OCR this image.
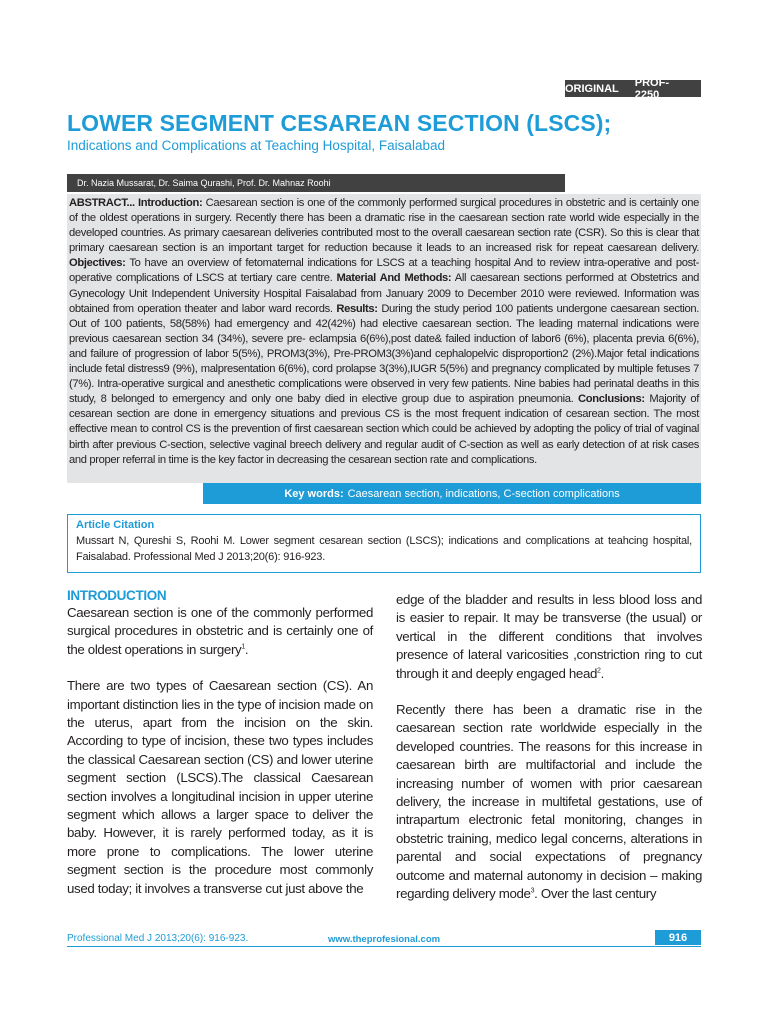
ORIGINAL PROF-2250
LOWER SEGMENT CESAREAN SECTION (LSCS);
Indications and Complications at Teaching Hospital, Faisalabad
Dr. Nazia Mussarat, Dr. Saima Qurashi, Prof. Dr. Mahnaz Roohi
ABSTRACT... Introduction: Caesarean section is one of the commonly performed surgical procedures in obstetric and is certainly one of the oldest operations in surgery. Recently there has been a dramatic rise in the caesarean section rate world wide especially in the developed countries. As primary caesarean deliveries contributed most to the overall caesarean section rate (CSR). So this is clear that primary caesarean section is an important target for reduction because it leads to an increased risk for repeat caesarean delivery. Objectives: To have an overview of fetomaternal indications for LSCS at a teaching hospital And to review intra-operative and post-operative complications of LSCS at tertiary care centre. Material And Methods: All caesarean sections performed at Obstetrics and Gynecology Unit Independent University Hospital Faisalabad from January 2009 to December 2010 were reviewed. Information was obtained from operation theater and labor ward records. Results: During the study period 100 patients undergone caesarean section. Out of 100 patients, 58(58%) had emergency and 42(42%) had elective caesarean section. The leading maternal indications were previous caesarean section 34 (34%), severe pre- eclampsia 6(6%),post date& failed induction of labor6 (6%), placenta previa 6(6%), and failure of progression of labor 5(5%), PROM3(3%), Pre-PROM3(3%)and cephalopelvic disproportion2 (2%).Major fetal indications include fetal distress9 (9%), malpresentation 6(6%), cord prolapse 3(3%),IUGR 5(5%) and pregnancy complicated by multiple fetuses 7 (7%). Intra-operative surgical and anesthetic complications were observed in very few patients. Nine babies had perinatal deaths in this study, 8 belonged to emergency and only one baby died in elective group due to aspiration pneumonia. Conclusions: Majority of cesarean section are done in emergency situations and previous CS is the most frequent indication of cesarean section. The most effective mean to control CS is the prevention of first caesarean section which could be achieved by adopting the policy of trial of vaginal birth after previous C-section, selective vaginal breech delivery and regular audit of C-section as well as early detection of at risk cases and proper referral in time is the key factor in decreasing the cesarean section rate and complications.
Key words: Caesarean section, indications, C-section complications
Article Citation
Mussart N, Qureshi S, Roohi M. Lower segment cesarean section (LSCS); indications and complications at teahcing hospital, Faisalabad. Professional Med J 2013;20(6): 916-923.
INTRODUCTION

Caesarean section is one of the commonly performed surgical procedures in obstetric and is certainly one of the oldest operations in surgery$^1$.

There are two types of Caesarean section (CS). An important distinction lies in the type of incision made on the uterus, apart from the incision on the skin. According to type of incision, these two types includes the classical Caesarean section (CS) and lower uterine segment section (LSCS).The classical Caesarean section involves a longitudinal incision in upper uterine segment which allows a larger space to deliver the baby. However, it is rarely performed today, as it is more prone to complications. The lower uterine segment section is the procedure most commonly used today; it involves a transverse cut just above the

edge of the bladder and results in less blood loss and is easier to repair. It may be transverse (the usual) or vertical in the different conditions that involves presence of lateral varicosities ,constriction ring to cut through it and deeply engaged head$^2$.

Recently there has been a dramatic rise in the caesarean section rate worldwide especially in the developed countries. The reasons for this increase in caesarean birth are multifactorial and include the increasing number of women with prior caesarean delivery, the increase in multifetal gestations, use of intrapartum electronic fetal monitoring, changes in obstetric training, medico legal concerns, alterations in parental and social expectations of pregnancy outcome and maternal autonomy in decision – making regarding delivery mode$^3$. Over the last century

Professional Med J 2013;20(6): 916-923.	www.theprofesional.com	916
